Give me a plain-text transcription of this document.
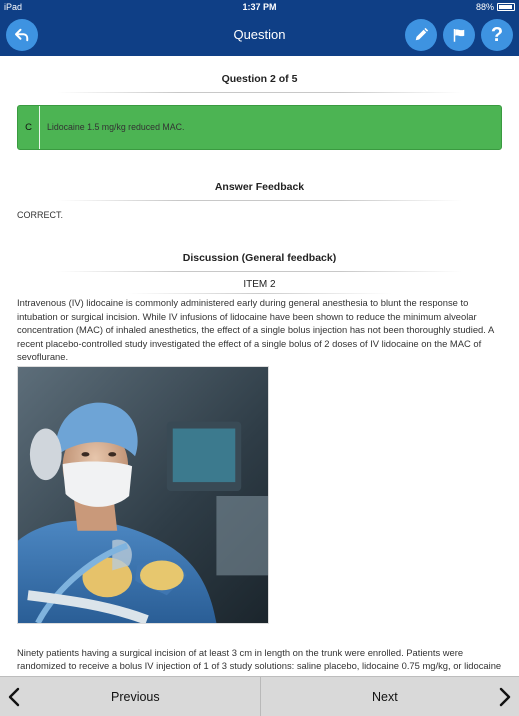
iPad	1:37 PM	88%
Question	?
Question 2 of 5
C	Lidocaine 1.5 mg/kg reduced MAC.
Answer Feedback
CORRECT.
Discussion (General feedback)
ITEM 2
Intravenous (IV) lidocaine is commonly administered early during general anesthesia to blunt the response to intubation or surgical incision. While IV infusions of lidocaine have been shown to reduce the minimum alveolar concentration (MAC) of inhaled anesthetics, the effect of a single bolus injection has not been thoroughly studied. A recent placebo-controlled study investigated the effect of a single bolus of 2 doses of IV lidocaine on the MAC of sevoflurane.
Ninety patients having a surgical incision of at least 3 cm in length on the trunk were enrolled. Patients were randomized to receive a bolus IV injection of 1 of 3 study solutions: saline placebo, lidocaine 0.75 mg/kg, or lidocaine
Previous	Next
